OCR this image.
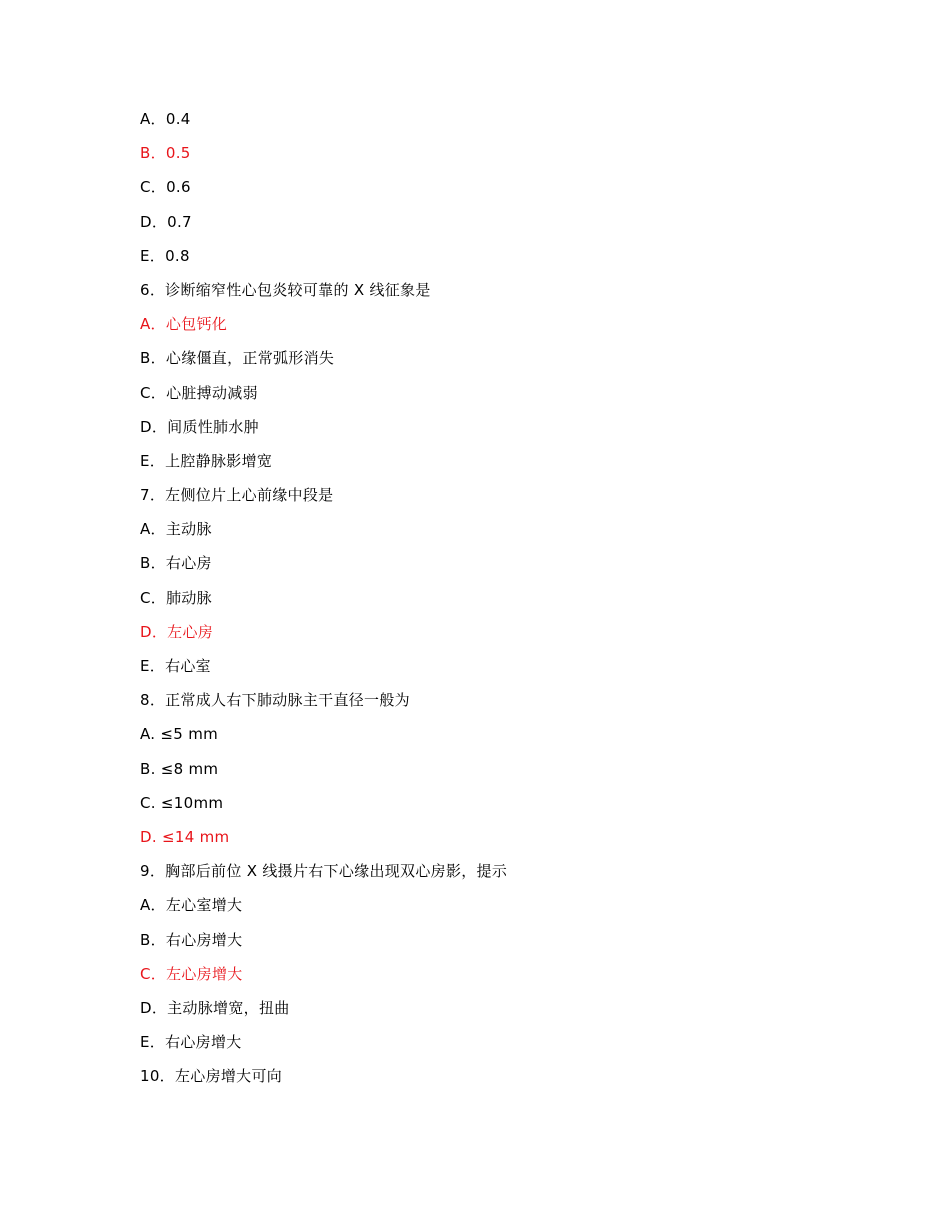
A．0.4
B．0.5
C．0.6
D．0.7
E．0.8
6．诊断缩窄性心包炎较可靠的 X 线征象是
A．心包钙化
B．心缘僵直，正常弧形消失
C．心脏搏动减弱
D．间质性肺水肿
E．上腔静脉影增宽
7．左侧位片上心前缘中段是
A．主动脉
B．右心房
C．肺动脉
D．左心房
E．右心室
8．正常成人右下肺动脉主干直径一般为
A. ≤5 mm
B. ≤8 mm
C. ≤10mm
D. ≤14 mm
9．胸部后前位 X 线摄片右下心缘出现双心房影，提示
A．左心室增大
B．右心房增大
C．左心房增大
D．主动脉增宽，扭曲
E．右心房增大
10．左心房增大可向
